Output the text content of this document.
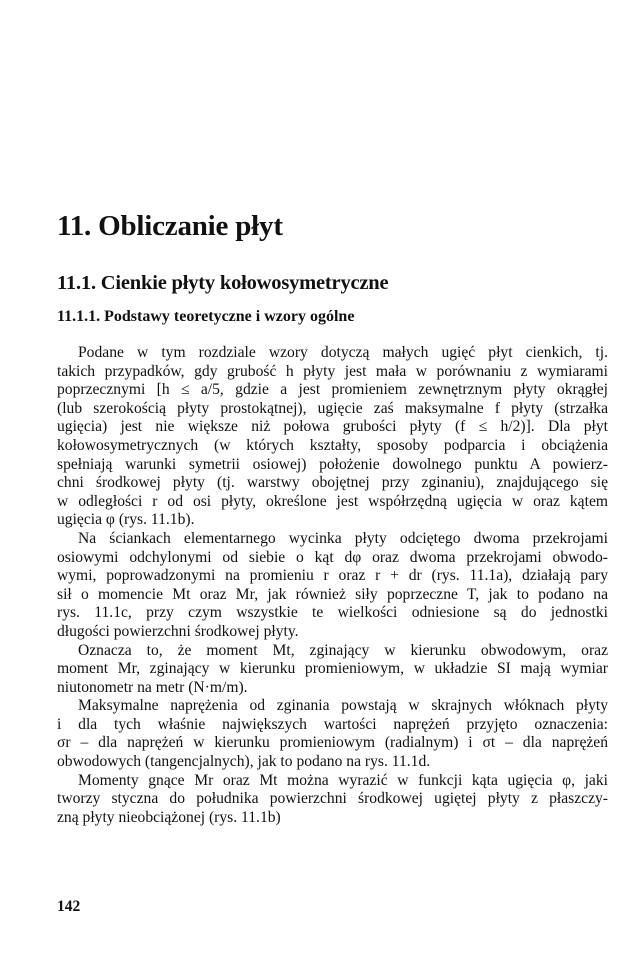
11. Obliczanie płyt
11.1. Cienkie płyty kołowosymetryczne
11.1.1. Podstawy teoretyczne i wzory ogólne
Podane w tym rozdziale wzory dotyczą małych ugięć płyt cienkich, tj.
takich przypadków, gdy grubość h płyty jest mała w porównaniu z wymiarami
poprzecznymi [h ≤ a/5, gdzie a jest promieniem zewnętrznym płyty okrągłej
(lub szerokością płyty prostokątnej), ugięcie zaś maksymalne f płyty (strzałka
ugięcia) jest nie większe niż połowa grubości płyty (f ≤ h/2)]. Dla płyt
kołowosymetrycznych (w których kształty, sposoby podparcia i obciążenia
spełniają warunki symetrii osiowej) położenie dowolnego punktu A powierz-
chni środkowej płyty (tj. warstwy obojętnej przy zginaniu), znajdującego się
w odległości r od osi płyty, określone jest współrzędną ugięcia w oraz kątem
ugięcia φ (rys. 11.1b).
Na ściankach elementarnego wycinka płyty odciętego dwoma przekrojami
osiowymi odchylonymi od siebie o kąt dφ oraz dwoma przekrojami obwodo-
wymi, poprowadzonymi na promieniu r oraz r + dr (rys. 11.1a), działają pary
sił o momencie Mt oraz Mr, jak również siły poprzeczne T, jak to podano na
rys. 11.1c, przy czym wszystkie te wielkości odniesione są do jednostki
długości powierzchni środkowej płyty.
Oznacza to, że moment Mt, zginający w kierunku obwodowym, oraz
moment Mr, zginający w kierunku promieniowym, w układzie SI mają wymiar
niutonometr na metr (N·m/m).
Maksymalne naprężenia od zginania powstają w skrajnych włóknach płyty
i dla tych właśnie największych wartości naprężeń przyjęto oznaczenia:
σr – dla naprężeń w kierunku promieniowym (radialnym) i σt – dla naprężeń
obwodowych (tangencjalnych), jak to podano na rys. 11.1d.
Momenty gnące Mr oraz Mt można wyrazić w funkcji kąta ugięcia φ, jaki
tworzy styczna do południka powierzchni środkowej ugiętej płyty z płaszczy-
zną płyty nieobciążonej (rys. 11.1b)
142
